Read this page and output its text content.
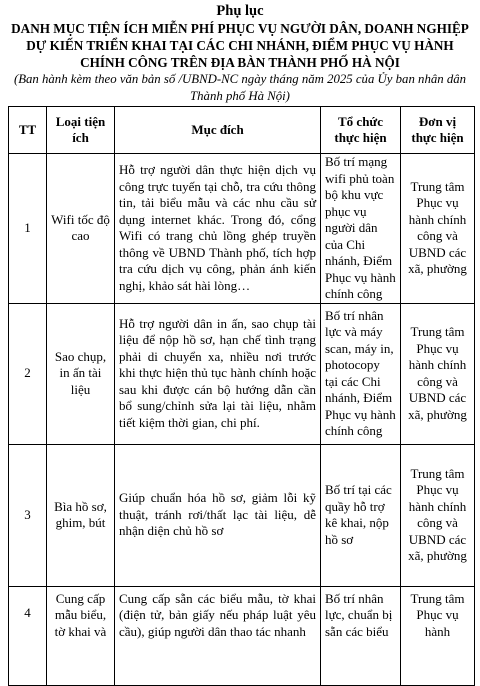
Phụ lục
DANH MỤC TIỆN ÍCH MIỄN PHÍ PHỤC VỤ NGƯỜI DÂN, DOANH NGHIỆP DỰ KIẾN TRIỂN KHAI TẠI CÁC CHI NHÁNH, ĐIỂM PHỤC VỤ HÀNH CHÍNH CÔNG TRÊN ĐỊA BÀN THÀNH PHỐ HÀ NỘI
(Ban hành kèm theo văn bản số /UBND-NC ngày tháng năm 2025 của Ủy ban nhân dân Thành phố Hà Nội)
TT	Loại tiện ích	Mục đích	Tổ chức thực hiện	Đơn vị thực hiện
1	Wifi tốc độ cao	Hỗ trợ người dân thực hiện dịch vụ công trực tuyến tại chỗ, tra cứu thông tin, tải biểu mẫu và các nhu cầu sử dụng internet khác. Trong đó, cổng Wifi có trang chủ lồng ghép truyền thông về UBND Thành phố, tích hợp tra cứu dịch vụ công, phản ánh kiến nghị, khảo sát hài lòng…	Bố trí mạng wifi phủ toàn bộ khu vực phục vụ người dân của Chi nhánh, Điểm Phục vụ hành chính công	Trung tâm Phục vụ hành chính công và UBND các xã, phường
2	Sao chụp, in ấn tài liệu	Hỗ trợ người dân in ấn, sao chụp tài liệu để nộp hồ sơ, hạn chế tình trạng phải di chuyển xa, nhiều nơi trước khi thực hiện thủ tục hành chính hoặc sau khi được cán bộ hướng dẫn cần bổ sung/chỉnh sửa lại tài liệu, nhằm tiết kiệm thời gian, chi phí.	Bố trí nhân lực và máy scan, máy in, photocopy tại các Chi nhánh, Điểm Phục vụ hành chính công	Trung tâm Phục vụ hành chính công và UBND các xã, phường
3	Bìa hồ sơ, ghim, bút	Giúp chuẩn hóa hồ sơ, giảm lỗi kỹ thuật, tránh rơi/thất lạc tài liệu, dễ nhận diện chủ hồ sơ	Bố trí tại các quầy hỗ trợ kê khai, nộp hồ sơ	Trung tâm Phục vụ hành chính công và UBND các xã, phường
4	Cung cấp mẫu biểu, tờ khai và	Cung cấp sẵn các biểu mẫu, tờ khai (điện tử, bản giấy nếu pháp luật yêu cầu), giúp người dân thao tác nhanh	Bố trí nhân lực, chuẩn bị sẵn các biểu	Trung tâm Phục vụ hành
